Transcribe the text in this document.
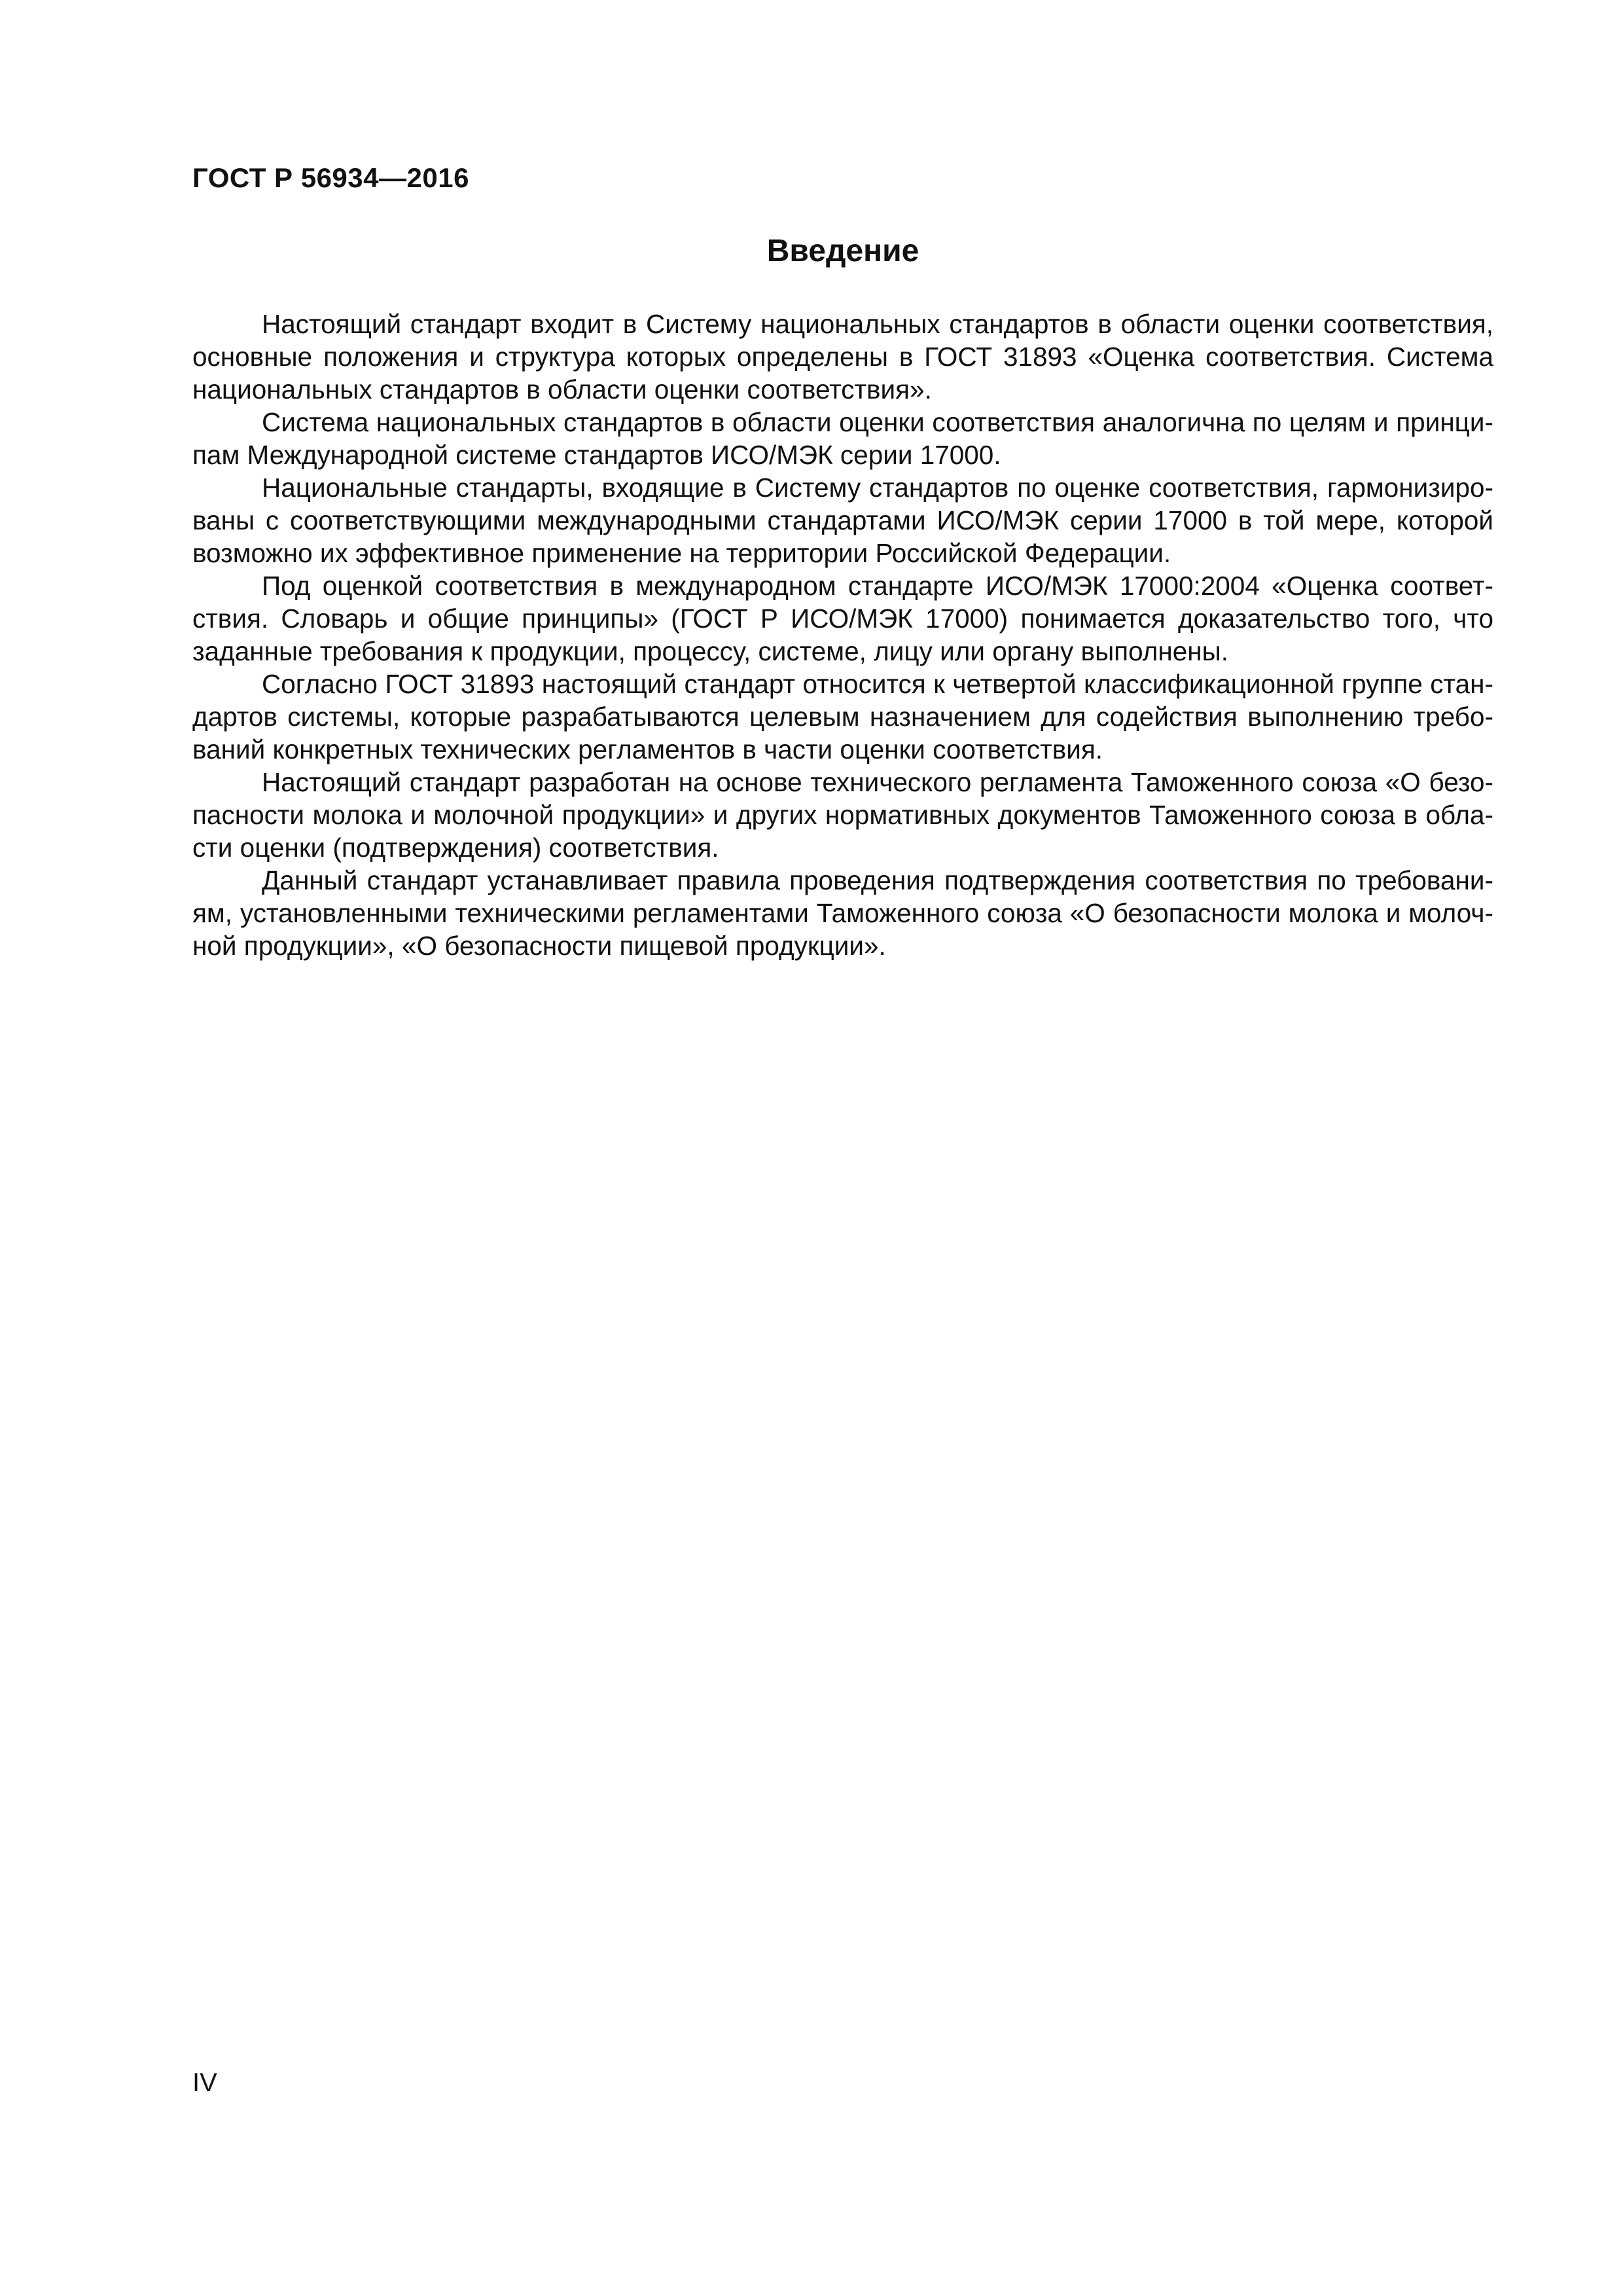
ГОСТ Р 56934—2016
Введение

Настоящий стандарт входит в Систему национальных стандартов в области оценки соответствия, основные положения и структура которых определены в ГОСТ 31893 «Оценка соответствия. Система национальных стандартов в области оценки соответствия».

Система национальных стандартов в области оценки соответствия аналогична по целям и принципам Международной системе стандартов ИСО/МЭК серии 17000.

Национальные стандарты, входящие в Систему стандартов по оценке соответствия, гармонизированы с соответствующими международными стандартами ИСО/МЭК серии 17000 в той мере, которой возможно их эффективное применение на территории Российской Федерации.

Под оценкой соответствия в международном стандарте ИСО/МЭК 17000:2004 «Оценка соответствия. Словарь и общие принципы» (ГОСТ Р ИСО/МЭК 17000) понимается доказательство того, что заданные требования к продукции, процессу, системе, лицу или органу выполнены.

Согласно ГОСТ 31893 настоящий стандарт относится к четвертой классификационной группе стандартов системы, которые разрабатываются целевым назначением для содействия выполнению требований конкретных технических регламентов в части оценки соответствия.

Настоящий стандарт разработан на основе технического регламента Таможенного союза «О безопасности молока и молочной продукции» и других нормативных документов Таможенного союза в области оценки (подтверждения) соответствия.

Данный стандарт устанавливает правила проведения подтверждения соответствия по требованиям, установленными техническими регламентами Таможенного союза «О безопасности молока и молочной продукции», «О безопасности пищевой продукции».

IV
